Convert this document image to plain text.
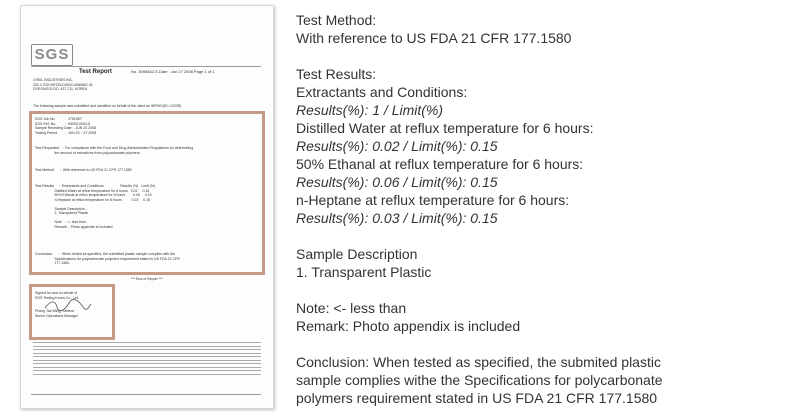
SGS
Test Report	No. 3098842-S Date : Jun 27 2008 Page 1 of 1
CHEIL INDUSTRIES INC.
332-2 GOCHEON-DONG,UIWANG-SI,
GYEONGGI-DO, 437-711, KOREA
The following sample was submitted and identified on behalf of the client as INFINO(SC-1220R)
SGS Job No.          :  2751987
SGS Ref. No.         :  K9009-0004-6
Sample Receiving Date :  JUN 20 2008
Testing Period        :  JUN 20 ~ 27 2008
Test Requested   :  For compliance with the Food and Drug Administration Regulations for determining
the amount of extractives from polycarbonate polymers.
Test Method      :  With reference to US FDA 21 CFR 177.1580
Test Results     :  Extractants and Conditions                 Results (%)   Limit (%)
Distilled Water at reflux temperature for 6 hours   0.02     0.15
50% Ethanal at reflux temperature for 6 hours        0.06     0.15
n-Heptane at reflux temperature for 6 hours          0.03     0.15

Sample Description :
1. Transparent Plastic

Note   :  <- less than
Remark :  Photo appendix is included
Conclusion       :  When tested as specified, the submitted plastic sample complies with the
Specifications for polycarbonate polymers requirement stated in US FDA 21 CFR
177.1580.
*** End of Report ***
Signed for and on behalf of
SGS Testing Korea Co., Ltd.

Phong Tae-Ming, Simeon
Senior Operations Manager
Test Method:
With reference to US FDA 21 CFR 177.1580
Test Results:
Extractants and Conditions:
Results(%): 1 / Limit(%)
Distilled Water at reflux temperature for 6 hours:
Results(%): 0.02 / Limit(%): 0.15
50% Ethanal at reflux temperature for 6 hours:
Results(%): 0.06 / Limit(%): 0.15
n-Heptane at reflux temperature for 6 hours:
Results(%): 0.03 / Limit(%): 0.15
Sample Description
1. Transparent Plastic
Note: <- less than
Remark: Photo appendix is included
Conclusion: When tested as specified, the submited plastic sample complies withe the Specifications for polycarbonate polymers requirement stated in US FDA 21 CFR 177.1580
